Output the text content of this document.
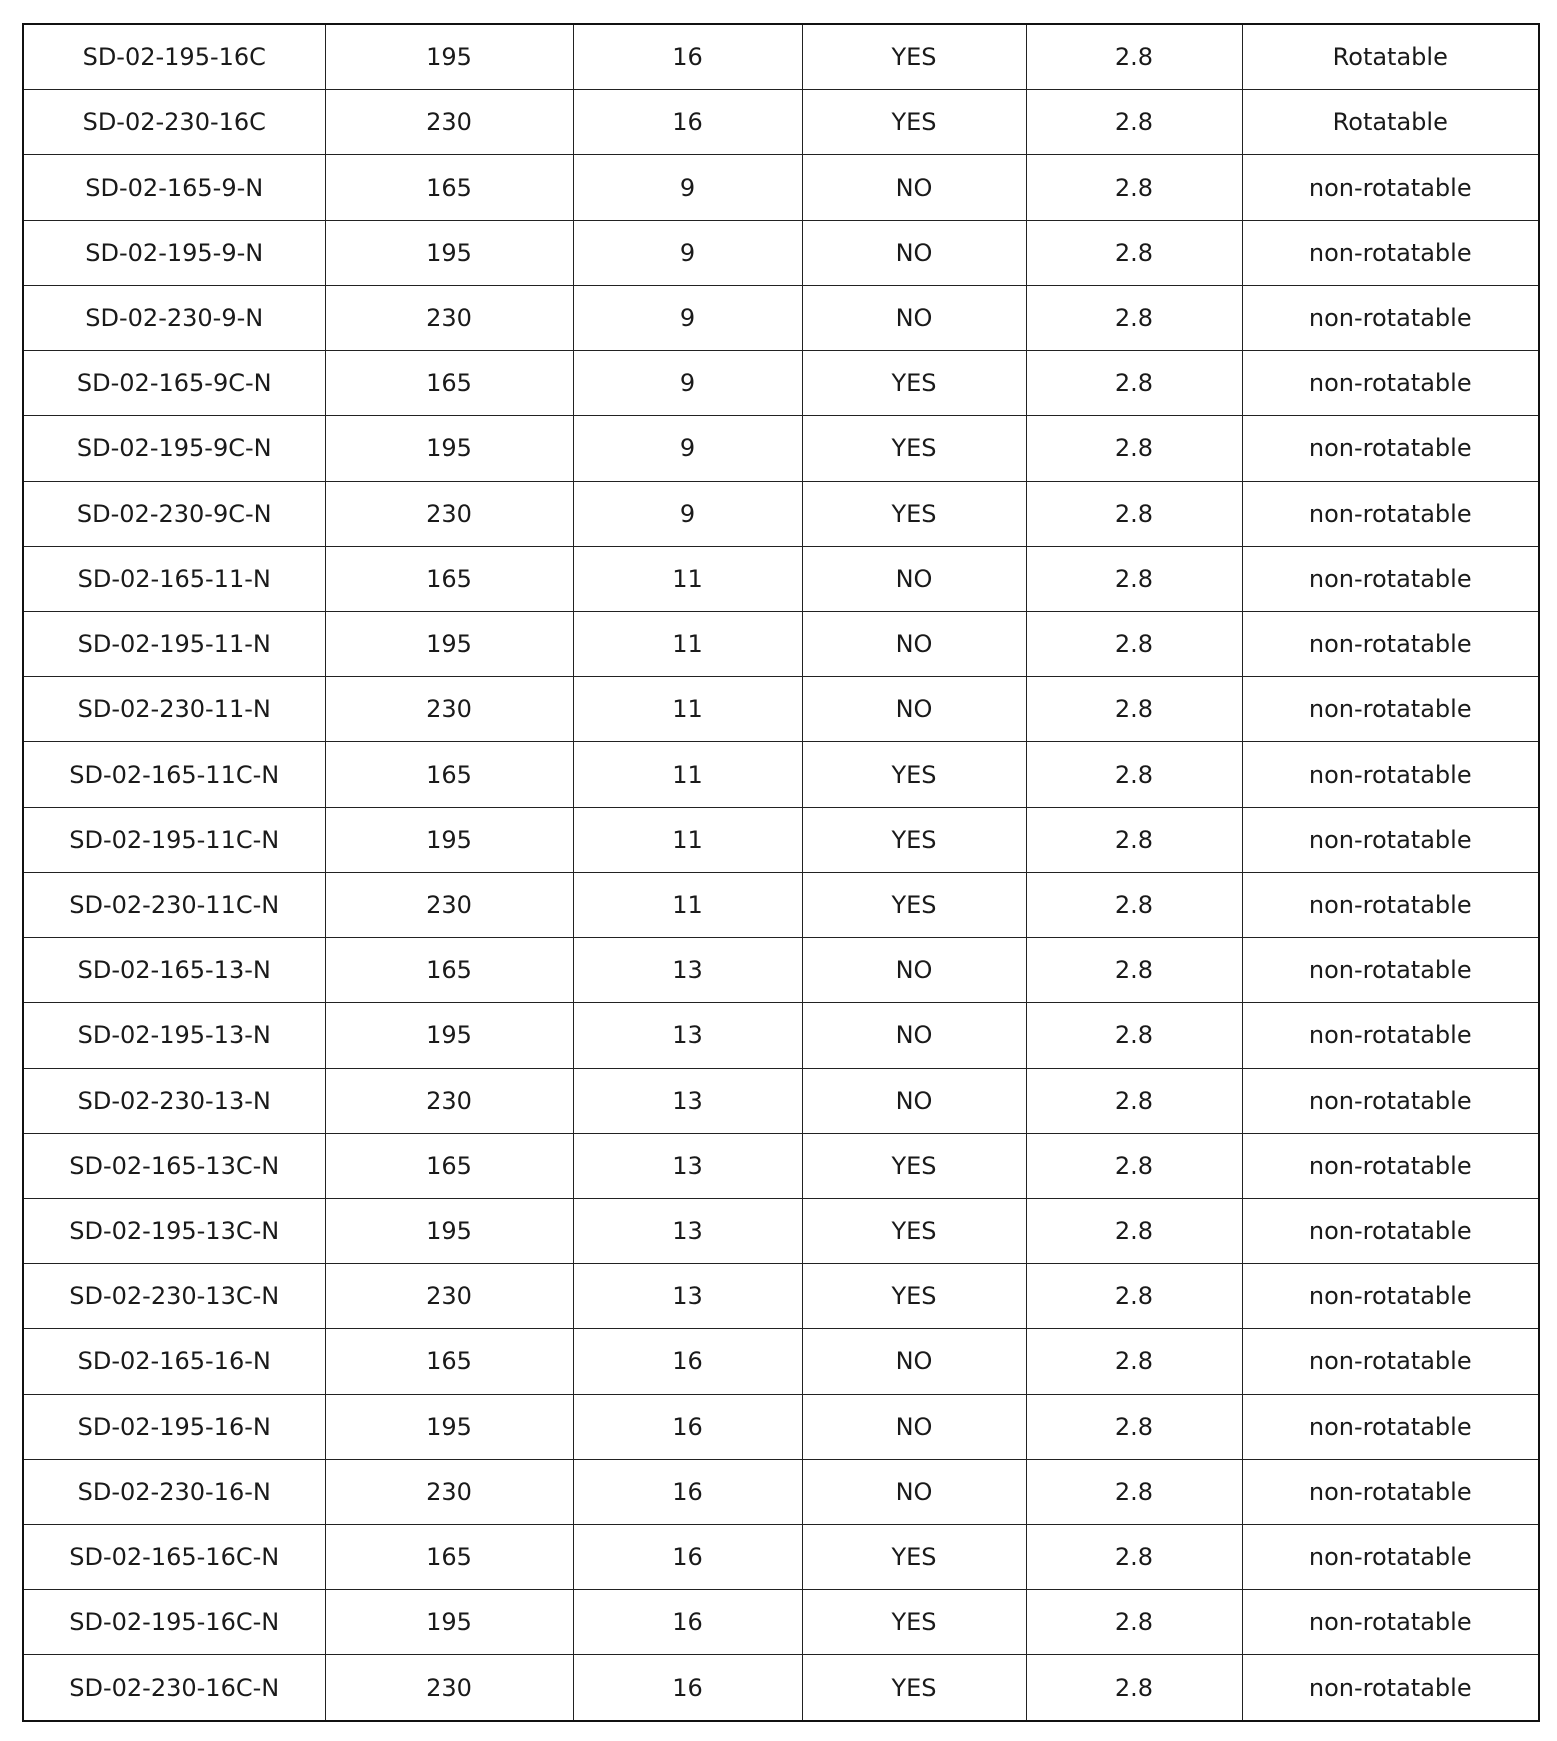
SD-02-195-16C	195	16	YES	2.8	Rotatable
SD-02-230-16C	230	16	YES	2.8	Rotatable
SD-02-165-9-N	165	9	NO	2.8	non-rotatable
SD-02-195-9-N	195	9	NO	2.8	non-rotatable
SD-02-230-9-N	230	9	NO	2.8	non-rotatable
SD-02-165-9C-N	165	9	YES	2.8	non-rotatable
SD-02-195-9C-N	195	9	YES	2.8	non-rotatable
SD-02-230-9C-N	230	9	YES	2.8	non-rotatable
SD-02-165-11-N	165	11	NO	2.8	non-rotatable
SD-02-195-11-N	195	11	NO	2.8	non-rotatable
SD-02-230-11-N	230	11	NO	2.8	non-rotatable
SD-02-165-11C-N	165	11	YES	2.8	non-rotatable
SD-02-195-11C-N	195	11	YES	2.8	non-rotatable
SD-02-230-11C-N	230	11	YES	2.8	non-rotatable
SD-02-165-13-N	165	13	NO	2.8	non-rotatable
SD-02-195-13-N	195	13	NO	2.8	non-rotatable
SD-02-230-13-N	230	13	NO	2.8	non-rotatable
SD-02-165-13C-N	165	13	YES	2.8	non-rotatable
SD-02-195-13C-N	195	13	YES	2.8	non-rotatable
SD-02-230-13C-N	230	13	YES	2.8	non-rotatable
SD-02-165-16-N	165	16	NO	2.8	non-rotatable
SD-02-195-16-N	195	16	NO	2.8	non-rotatable
SD-02-230-16-N	230	16	NO	2.8	non-rotatable
SD-02-165-16C-N	165	16	YES	2.8	non-rotatable
SD-02-195-16C-N	195	16	YES	2.8	non-rotatable
SD-02-230-16C-N	230	16	YES	2.8	non-rotatable
